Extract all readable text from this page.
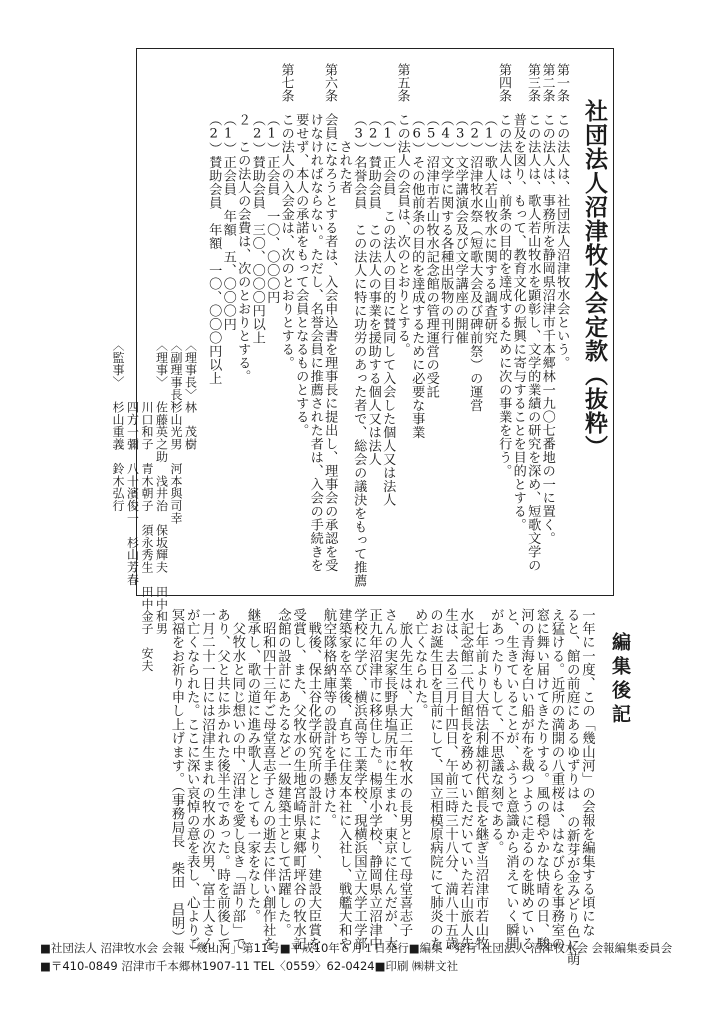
社団法人沼津牧水会定款（抜粋）
第一条
この法人は、社団法人沼津牧水会という。
第二条
この法人は、事務所を静岡県沼津市千本郷林一九〇七番地の一に置く。
第三条
この法人は、歌人若山牧水を顕彰し、文学的業績の研究を深め、短歌文学の
普及を図り、もって、教育文化の振興に寄与することを目的とする。
第四条
この法人は、前条の目的を達成するために次の事業を行う。
（1）歌人若山牧水に関する調査研究
（2）沼津牧水祭（短歌大会及び碑前祭）の運営
（3）文学講演会及び文学講座の開催
（4）文学に関する各種出版物の刊行
（5）沼津市若山牧水記念館の管理運営の受託
（6）その他前条の目的を達成するために必要な事業
第五条
この法人の会員は、次のとおりとする。
（1）正会員　この法人の目的に賛同して入会した個人又は法人
（2）賛助会員　この法人の事業を援助する個人又は法人
（3）名誉会員　この法人に特に功労のあった者で、総会の議決をもって推薦
　　された者
第六条
会員になろうとする者は、入会申込書を理事長に提出し、理事会の承認を受
けなければならない。ただし、名誉会員に推薦された者は、入会の手続きを
要せず、本人の承諾をもって会員となるものとする。
第七条
この法人の入会金は、次のとおりとする。
（1）正会員　一〇、〇〇〇円
（2）賛助会員　三〇、〇〇〇円以上
２　この法人の会費は、次のとおりとする。
（1）正会員　年額　五、〇〇〇円
（2）賛助会員　年額　一〇、〇〇〇円以上
〈理事長〉
林　茂樹
〈副理事長〉
杉山光男　河本與司幸
〈理事〉
佐藤英之助　浅井治　保坂輝夫　田中和男
川口和子　青木朝子　須永秀生　田中金子　安夫
四方一彌　八十濱俊一　杉山芳春
〈監事〉
杉山重義　鈴木弘行
編集後記
一年に一度、この「幾山河」の会報を編集する頃にな
ると、館の前庭にあるゆずりは の新芽が金みどり色に萌
え猛ける。近所の満開の八重桜は、はなびらを事務室の
窓に舞い届けてきたりする。風の穏やかな快晴の日、駿
河の青海を白い船が布を裁つように走るのを眺めている
と、生きていることが、ふうと意識から消えていく瞬間
があったりもして、不思議な刻である。
　七年前より大悟法利雄初代館長を継ぎ当沼津市若山牧
水記念館二代目館長を務めていただいていた若山旅人先
生は、去る三月十四日、午前三時三十八分、満八十五歳
のお誕生日を目前にして、国立相模原病院にて肺炎のた
め亡くなられた。
　旅人先生は、大正二年牧水の長男として母堂喜志子
さんの実家長野県塩尻市に生まれ、東京に住んだが、大
正九年沼津市に移住した。楊原小学校、静岡県立沼津中
学校に学び、横浜高等工業学校、現横浜国立大学工学部
建築家を卒業後、直ちに住友本社に入社し、戦艦大和や
航空隊格納庫等の設計を手懸けた。
　戦後、保土谷化学研究所の設計により、建設大臣賞を
受賞し、また、父牧水の生地宮崎県東郷町坪谷の牧水記
念館の設計にあたるなど一級建築士として活躍した。
　昭和四十三年ご母堂喜志子さんの逝去に伴い創作社を
継承し、歌の道に進み歌人としても一家をなした。
　父牧水と同じ想いの中、沼津を愛し良き「語り部」で
あり、父と共に歩かれた後半生であった。時を前後して
一月二十一日には沼津生まれの牧水の次男、富士人さん
が亡くなられた。ここに深い哀悼の意を表し、心よりご
冥福をお祈り申し上げます。（事務局長　柴田　昌明）
■社団法人 沼津牧水会 会報「幾山河」第11号■平成10年６月１日発行■編集・発行 社団法人 沼津牧水会 会報編集委員会
■〒410-0849 沼津市千本郷林1907-11 TEL〈0559〉62-0424■印刷 ㈱耕文社
